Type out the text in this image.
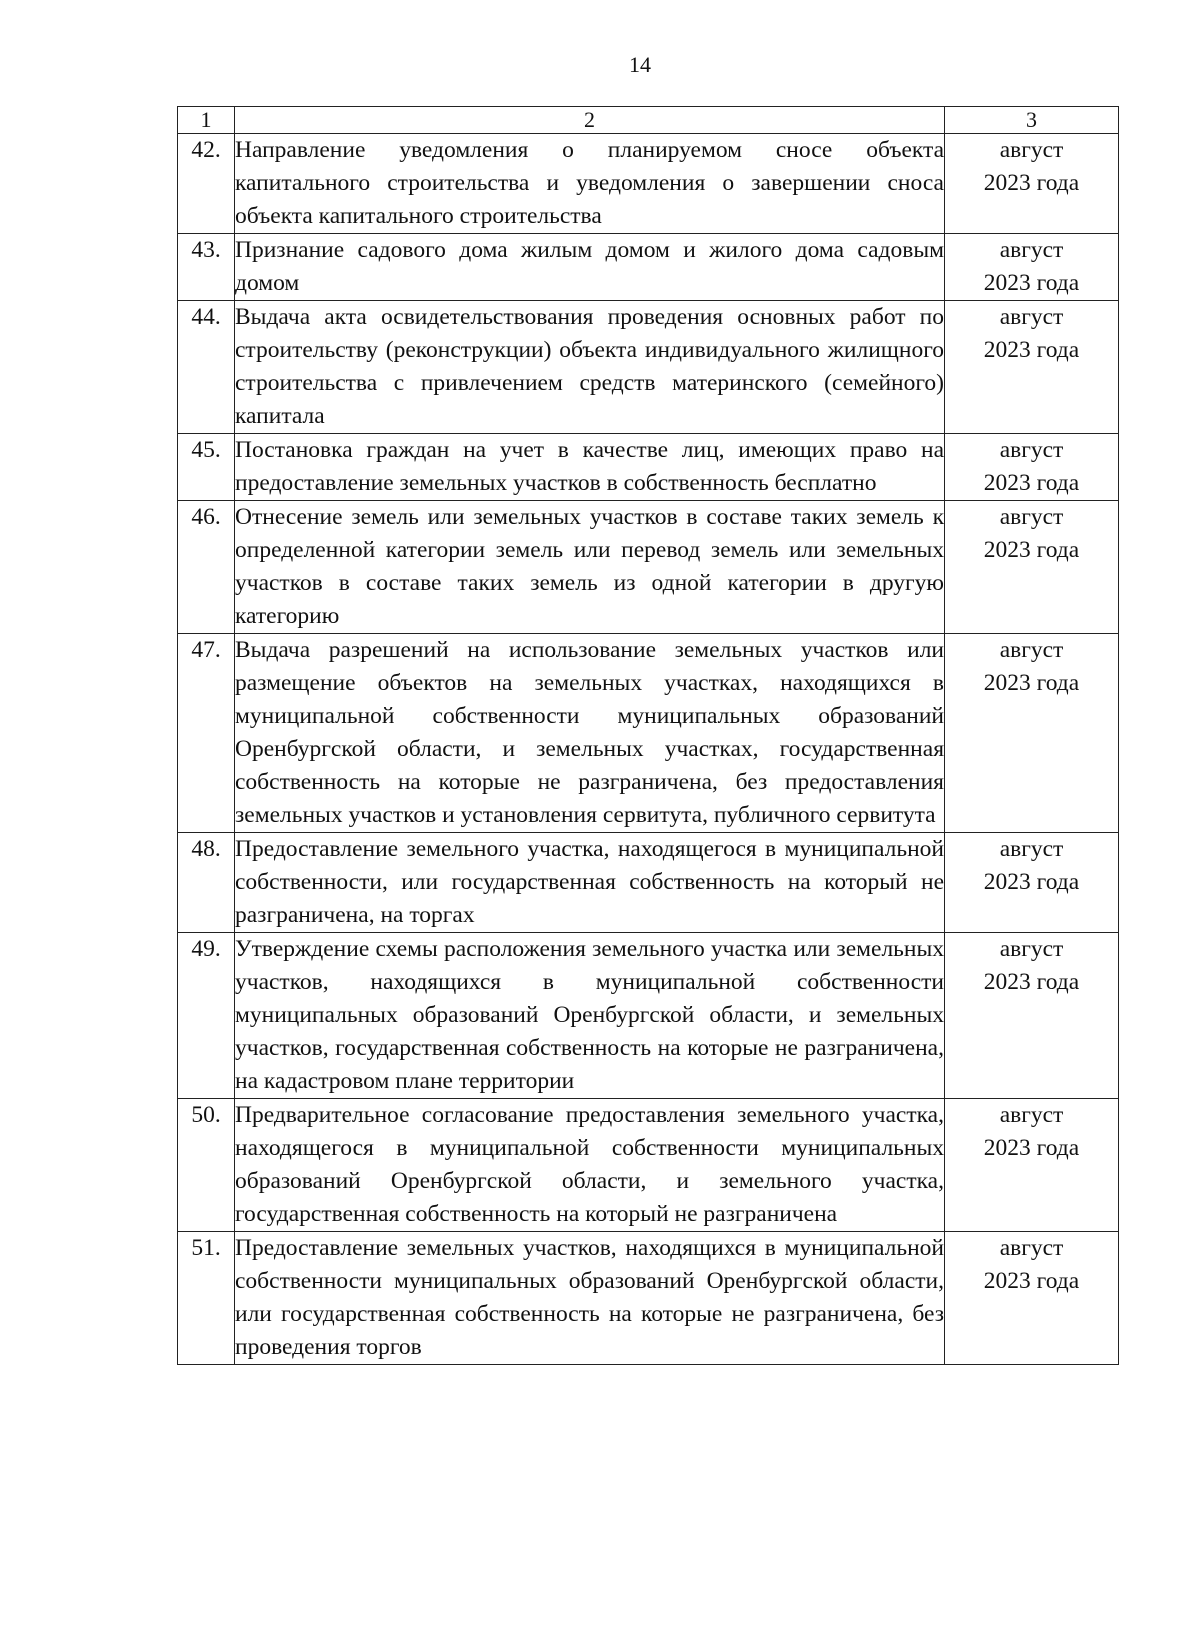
14
1	2	3
42.	Направление уведомления о планируемом сносе объекта капитального строительства и уведомления о завершении сноса объекта капитального строительства	август
2023 года

43.	Признание садового дома жилым домом и жилого дома садовым домом	август
2023 года

44.	Выдача акта освидетельствования проведения основных работ по строительству (реконструкции) объекта индивидуального жилищного строительства с привлечением средств материнского (семейного) капитала	август
2023 года

45.	Постановка граждан на учет в качестве лиц, имеющих право на предоставление земельных участков в собственность бесплатно	август
2023 года

46.	Отнесение земель или земельных участков в составе таких земель к определенной категории земель или перевод земель или земельных участков в составе таких земель из одной категории в другую категорию	август
2023 года

47.	Выдача разрешений на использование земельных участков или размещение объектов на земельных участках, находящихся в муниципальной собственности муниципальных образований Оренбургской области, и земельных участках, государственная собственность на которые не разграничена, без предоставления земельных участков и установления сервитута, публичного сервитута	август
2023 года

48.	Предоставление земельного участка, находящегося в муниципальной собственности, или государственная собственность на который не разграничена, на торгах	август
2023 года

49.	Утверждение схемы расположения земельного участка или земельных участков, находящихся в муниципальной собственности муниципальных образований Оренбургской области, и земельных участков, государственная собственность на которые не разграничена, на кадастровом плане территории	август
2023 года

50.	Предварительное согласование предоставления земельного участка, находящегося в муниципальной собственности муниципальных образований Оренбургской области, и земельного участка, государственная собственность на который не разграничена	август
2023 года

51.	Предоставление земельных участков, находящихся в муниципальной собственности муниципальных образований Оренбургской области, или государственная собственность на которые не разграничена, без проведения торгов	август
2023 года
